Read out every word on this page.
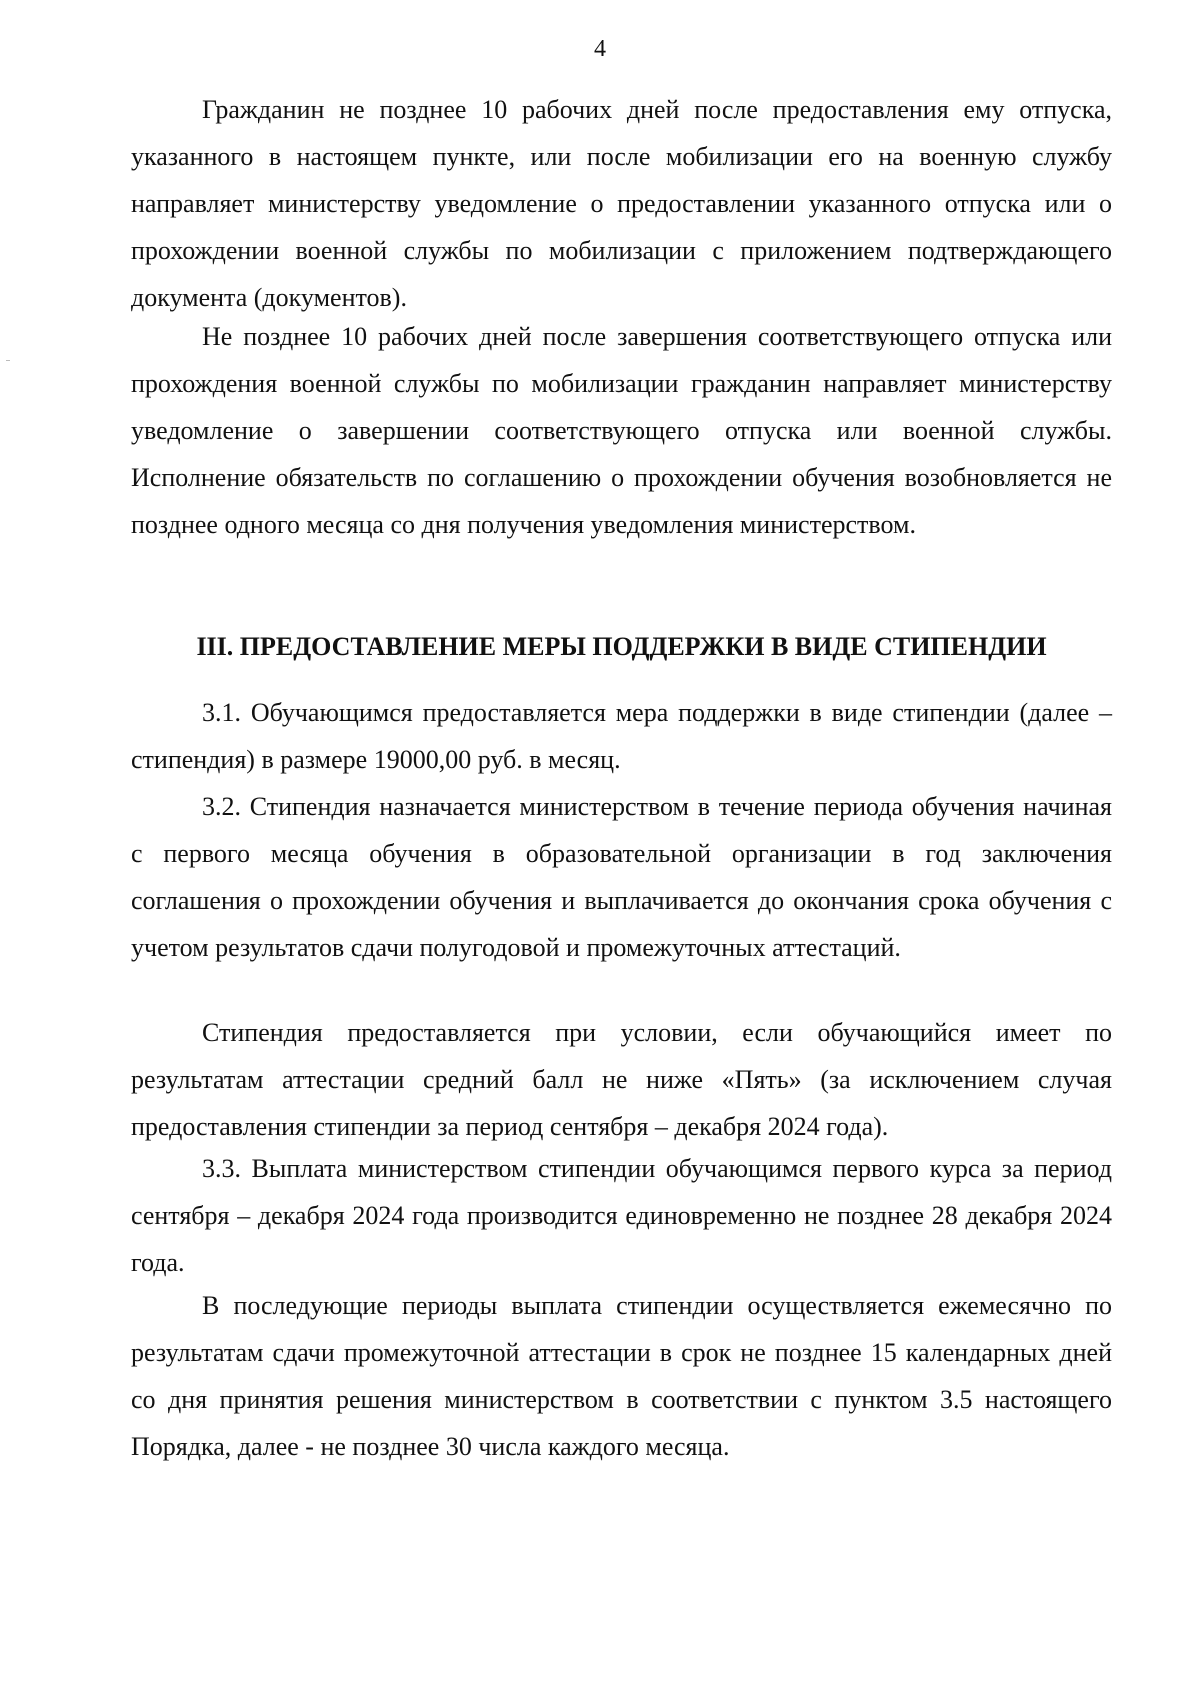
4

Гражданин не позднее 10 рабочих дней после предоставления ему отпуска, указанного в настоящем пункте, или после мобилизации его на военную службу направляет министерству уведомление о предоставлении указанного отпуска или о прохождении военной службы по мобилизации с приложением подтверждающего документа (документов).

Не позднее 10 рабочих дней после завершения соответствующего отпуска или прохождения военной службы по мобилизации гражданин направляет министерству уведомление о завершении соответствующего отпуска или военной службы. Исполнение обязательств по соглашению о прохождении обучения возобновляется не позднее одного месяца со дня получения уведомления министерством.

III. ПРЕДОСТАВЛЕНИЕ МЕРЫ ПОДДЕРЖКИ В ВИДЕ СТИПЕНДИИ

3.1. Обучающимся предоставляется мера поддержки в виде стипендии (далее – стипендия) в размере 19000,00 руб. в месяц.

3.2. Стипендия назначается министерством в течение периода обучения начиная с первого месяца обучения в образовательной организации в год заключения соглашения о прохождении обучения и выплачивается до окончания срока обучения с учетом результатов сдачи полугодовой и промежуточных аттестаций.

Стипендия предоставляется при условии, если обучающийся имеет по результатам аттестации средний балл не ниже «Пять» (за исключением случая предоставления стипендии за период сентября – декабря 2024 года).

3.3. Выплата министерством стипендии обучающимся первого курса за период сентября – декабря 2024 года производится единовременно не позднее 28 декабря 2024 года.

В последующие периоды выплата стипендии осуществляется ежемесячно по результатам сдачи промежуточной аттестации в срок не позднее 15 календарных дней со дня принятия решения министерством в соответствии с пунктом 3.5 настоящего Порядка, далее - не позднее 30 числа каждого месяца.
